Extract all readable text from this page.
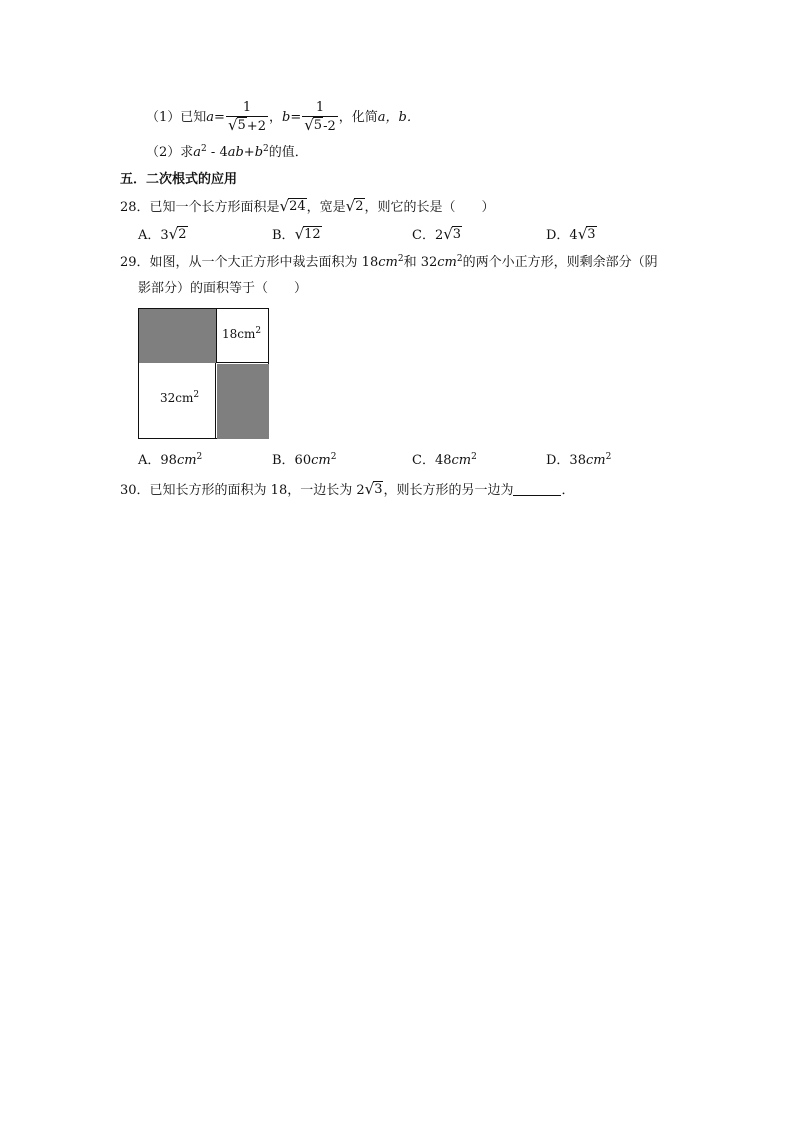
（1）已知$a= \frac{1}{√ 5 +2}$ ，$b= \frac{1}{√ 5 -2}$ ，化简a，b．
（2）求$a^2 - 4ab+b^2$的值．
五．二次根式的应用
28．已知一个长方形面积是 √ 24 ，宽是 √ 2 ，则它的长是（　　）
A．3 √ 2	B． √ 12	C．2 √ 3	D．4 √ 3
29．如图，从一个大正方形中裁去面积为 $18cm^2$和 $32cm^2$的两个小正方形，则剩余部分（阴
影部分）的面积等于（　　）
$18cm^2$
$32cm^2$
A．$98cm^2$	B．$60cm^2$	C．$48cm^2$	D．$38cm^2$
30．已知长方形的面积为 18，一边长为 2 √ 3 ，则长方形的另一边为	．
